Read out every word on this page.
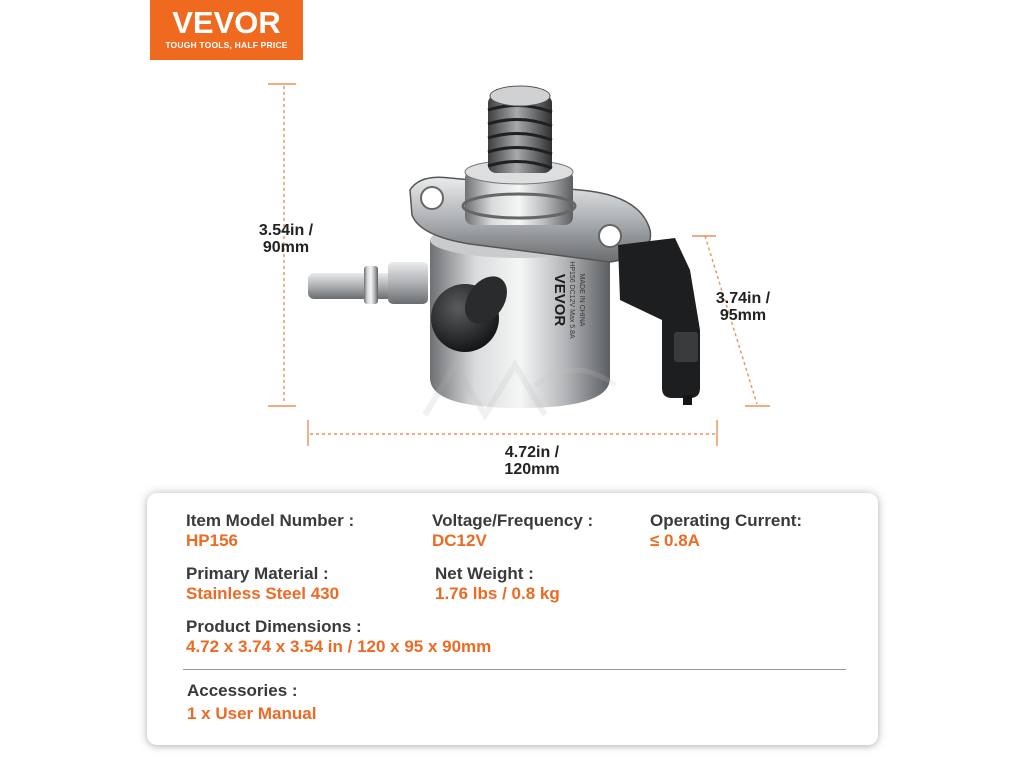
VEVOR
TOUGH TOOLS, HALF PRICE
VEVOR HP156 DC12V Max 5.8A MADE IN CHINA
3.54in /
90mm
3.74in /
95mm
4.72in /
120mm
Item Model Number :
HP156
Voltage/Frequency :
DC12V
Operating Current:
≤ 0.8A
Primary Material :
Stainless Steel 430
Net Weight :
1.76 lbs / 0.8 kg
Product Dimensions :
4.72 x 3.74 x 3.54 in / 120 x 95 x 90mm
Accessories :
1 x User Manual
